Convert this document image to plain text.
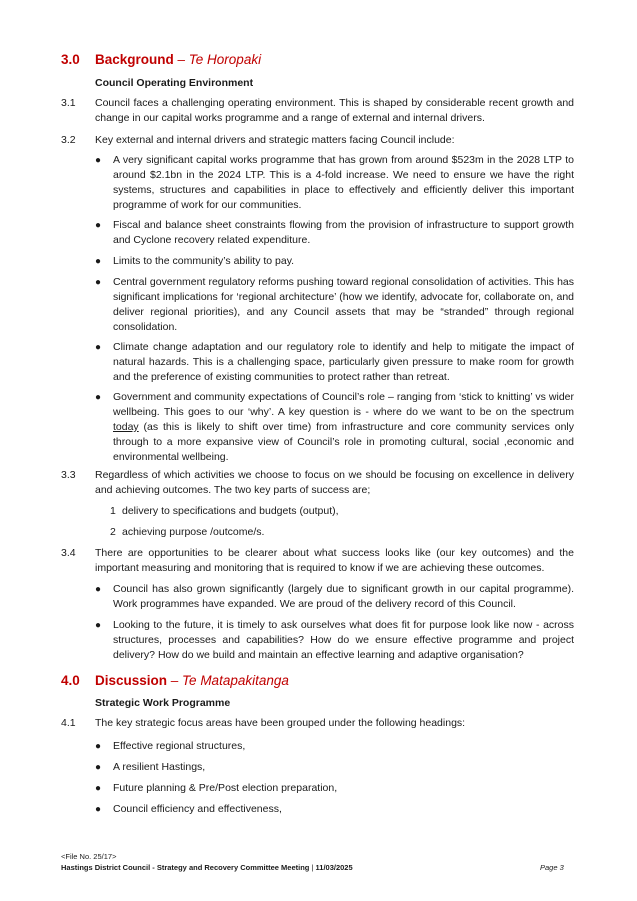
3.0 Background – Te Horopaki
Council Operating Environment
3.1 Council faces a challenging operating environment. This is shaped by considerable recent growth and change in our capital works programme and a range of external and internal drivers.
3.2 Key external and internal drivers and strategic matters facing Council include:
● A very significant capital works programme that has grown from around $523m in the 2028 LTP to around $2.1bn in the 2024 LTP. This is a 4-fold increase. We need to ensure we have the right systems, structures and capabilities in place to effectively and efficiently deliver this important programme of work for our communities.
● Fiscal and balance sheet constraints flowing from the provision of infrastructure to support growth and Cyclone recovery related expenditure.
● Limits to the community’s ability to pay.
● Central government regulatory reforms pushing toward regional consolidation of activities. This has significant implications for ‘regional architecture’ (how we identify, advocate for, collaborate on, and deliver regional priorities), and any Council assets that may be “stranded” through regional consolidation.
● Climate change adaptation and our regulatory role to identify and help to mitigate the impact of natural hazards. This is a challenging space, particularly given pressure to make room for growth and the preference of existing communities to protect rather than retreat.
● Government and community expectations of Council’s role – ranging from ‘stick to knitting’ vs wider wellbeing. This goes to our ‘why’. A key question is - where do we want to be on the spectrum today (as this is likely to shift over time) from infrastructure and core community services only through to a more expansive view of Council’s role in promoting cultural, social ,economic and environmental wellbeing.
3.3 Regardless of which activities we choose to focus on we should be focusing on excellence in delivery and achieving outcomes. The two key parts of success are;
1 delivery to specifications and budgets (output),
2 achieving purpose /outcome/s.
3.4 There are opportunities to be clearer about what success looks like (our key outcomes) and the important measuring and monitoring that is required to know if we are achieving these outcomes.
● Council has also grown significantly (largely due to significant growth in our capital programme). Work programmes have expanded. We are proud of the delivery record of this Council.
● Looking to the future, it is timely to ask ourselves what does fit for purpose look like now - across structures, processes and capabilities? How do we ensure effective programme and project delivery? How do we build and maintain an effective learning and adaptive organisation?
4.0 Discussion – Te Matapakitanga
Strategic Work Programme
4.1 The key strategic focus areas have been grouped under the following headings:
● Effective regional structures,
● A resilient Hastings,
● Future planning & Pre/Post election preparation,
● Council efficiency and effectiveness,
<File No. 25/17>
Hastings District Council - Strategy and Recovery Committee Meeting | 11/03/2025	Page 3
